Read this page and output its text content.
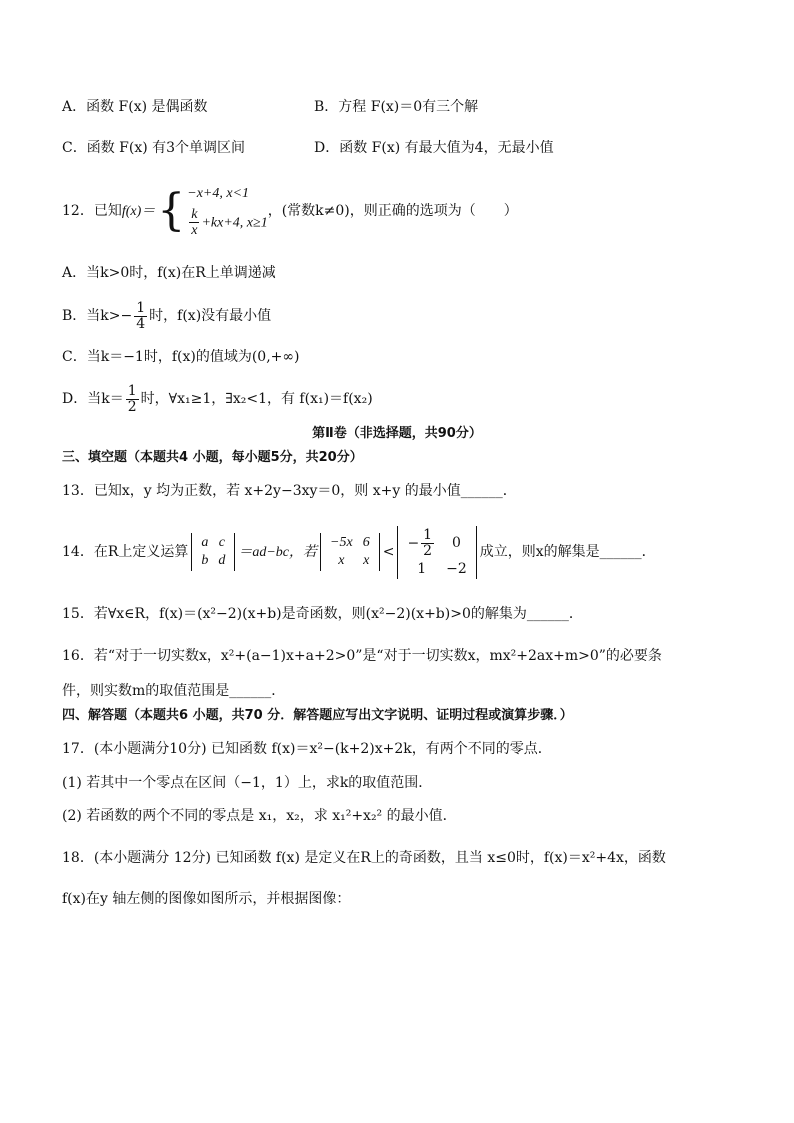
A．函数 F(x) 是偶函数	B．方程 F(x)＝0有三个解
C．函数 F(x) 有3个单调区间	D．函数 F(x) 有最大值为4，无最小值
12．已知f(x)＝{ −x+4, x<1
$\frac{k}{x} +kx+4$, x≥1
，(常数k≠0)，则正确的选项为（　　）
A．当k>0时，f(x)在R上单调递减
B．当$k>- \frac{1}{4}$ 时，f(x)没有最小值
C．当k＝−1时，f(x)的值域为(0,+∞)
D．当$k= \frac{1}{2}$ 时，∀x₁≥1，∃x₂<1，有 f(x₁)＝f(x₂)
第Ⅱ卷（非选择题，共90分）
三、填空题（本题共4 小题，每小题5分，共20分）
13．已知x，y 均为正数，若 x+2y−3xy＝0，则 x+y 的最小值______．
14．在R上定义运算
a	c
b	d
＝ad−bc，若
−5x	6
x	x
<
− $\frac{1}{2}$	0
1	−2
成立，则x的解集是______．
15．若∀x∈R，f(x)＝(x²−2)(x+b)是奇函数，则(x²−2)(x+b)>0的解集为______．
16．若“对于一切实数x，x²+(a−1)x+a+2>0”是“对于一切实数x，mx²+2ax+m>0”的必要条
件，则实数m的取值范围是______．
四、解答题（本题共6 小题，共70 分．解答题应写出文字说明、证明过程或演算步骤．）
17．(本小题满分10分) 已知函数 f(x)＝x²−(k+2)x+2k，有两个不同的零点．
(1) 若其中一个零点在区间（−1，1）上，求k的取值范围．
(2) 若函数的两个不同的零点是 x₁，x₂，求 x₁²+x₂² 的最小值．
18．(本小题满分 12分) 已知函数 f(x) 是定义在R上的奇函数，且当 x≤0时，f(x)＝x²+4x，函数
f(x)在y 轴左侧的图像如图所示，并根据图像：
